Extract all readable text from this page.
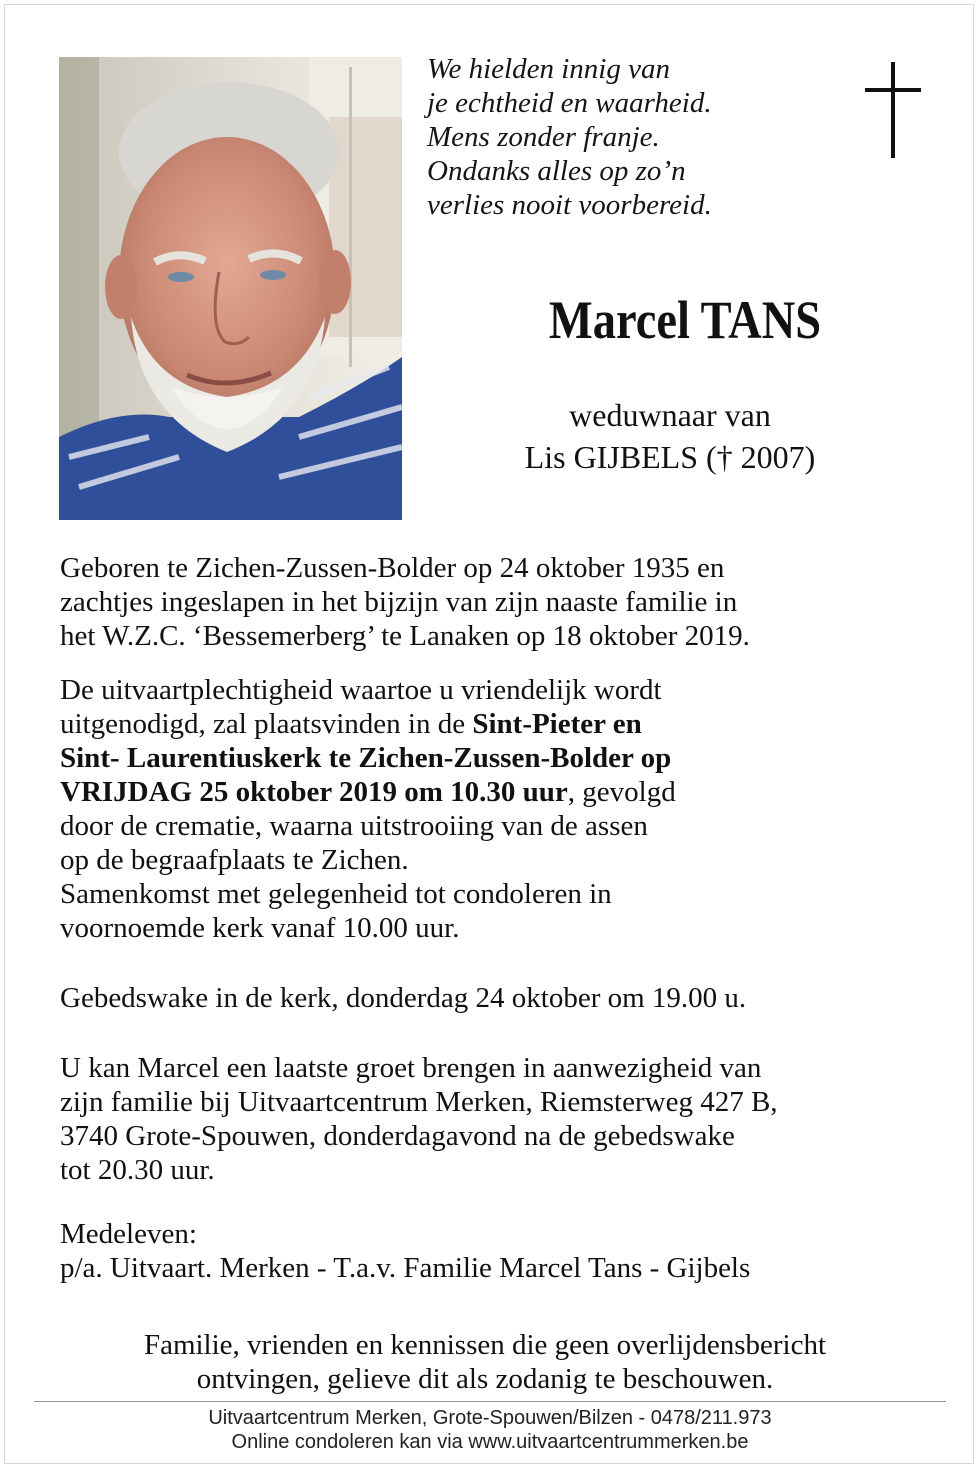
We hielden innig van
je echtheid en waarheid.
Mens zonder franje.
Ondanks alles op zo’n
verlies nooit voorbereid.
Marcel TANS
weduwnaar van
Lis GIJBELS († 2007)

Geboren te Zichen-Zussen-Bolder op 24 oktober 1935 en
zachtjes ingeslapen in het bijzijn van zijn naaste familie in
het W.Z.C. ‘Bessemerberg’ te Lanaken op 18 oktober 2019.

De uitvaartplechtigheid waartoe u vriendelijk wordt
uitgenodigd, zal plaatsvinden in de Sint-Pieter en
Sint- Laurentiuskerk te Zichen-Zussen-Bolder op
VRIJDAG 25 oktober 2019 om 10.30 uur, gevolgd
door de crematie, waarna uitstrooiing van de assen
op de begraafplaats te Zichen.
Samenkomst met gelegenheid tot condoleren in
voornoemde kerk vanaf 10.00 uur.

Gebedswake in de kerk, donderdag 24 oktober om 19.00 u.

U kan Marcel een laatste groet brengen in aanwezigheid van
zijn familie bij Uitvaartcentrum Merken, Riemsterweg 427 B,
3740 Grote-Spouwen, donderdagavond na de gebedswake
tot 20.30 uur.

Medeleven:
p/a. Uitvaart. Merken - T.a.v. Familie Marcel Tans - Gijbels

Familie, vrienden en kennissen die geen overlijdensbericht
ontvingen, gelieve dit als zodanig te beschouwen.
Uitvaartcentrum Merken, Grote-Spouwen/Bilzen - 0478/211.973
Online condoleren kan via www.uitvaartcentrummerken.be
